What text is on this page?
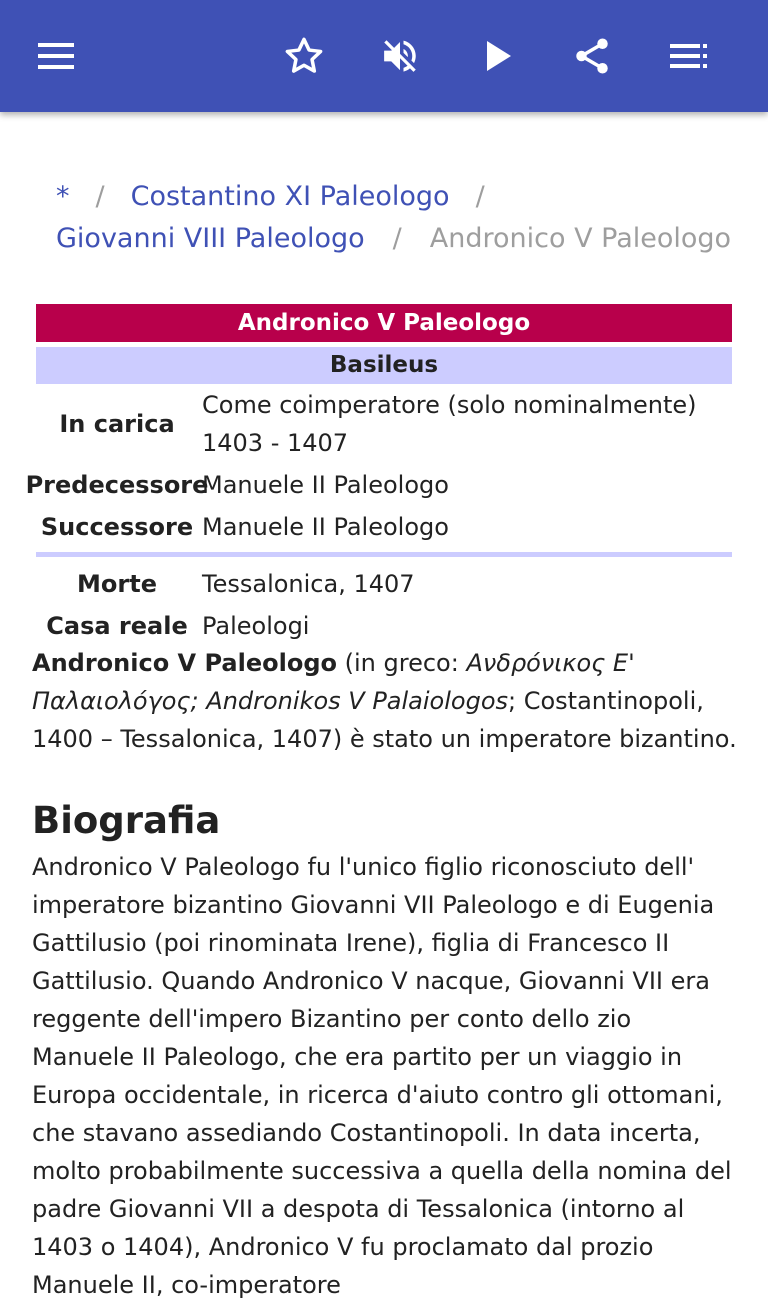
* / Costantino XI Paleologo /
Giovanni VIII Paleologo / Andronico V Paleologo
Andronico V Paleologo
Basileus
In carica
Come coimperatore (solo nominalmente)
1403 - 1407
Predecessore
Manuele II Paleologo
Successore Manuele II Paleologo
Morte	Tessalonica, 1407
Casa reale Paleologi
Andronico V Paleologo (in greco: Ανδρόνικος Ε' Παλαιολόγος; Andronikos V Palaiologos; Costantinopoli, 1400 – Tessalonica, 1407) è stato un imperatore bizantino.
Biografia
Andronico V Paleologo fu l'unico figlio riconosciuto dell' imperatore bizantino Giovanni VII Paleologo e di Eugenia Gattilusio (poi rinominata Irene), figlia di Francesco II Gattilusio. Quando Andronico V nacque, Giovanni VII era reggente dell'impero Bizantino per conto dello zio Manuele II Paleologo, che era partito per un viaggio in Europa occidentale, in ricerca d'aiuto contro gli ottomani, che stavano assediando Costantinopoli. In data incerta, molto probabilmente successiva a quella della nomina del padre Giovanni VII a despota di Tessalonica (intorno al 1403 o 1404), Andronico V fu proclamato dal prozio Manuele II, co-imperatore
